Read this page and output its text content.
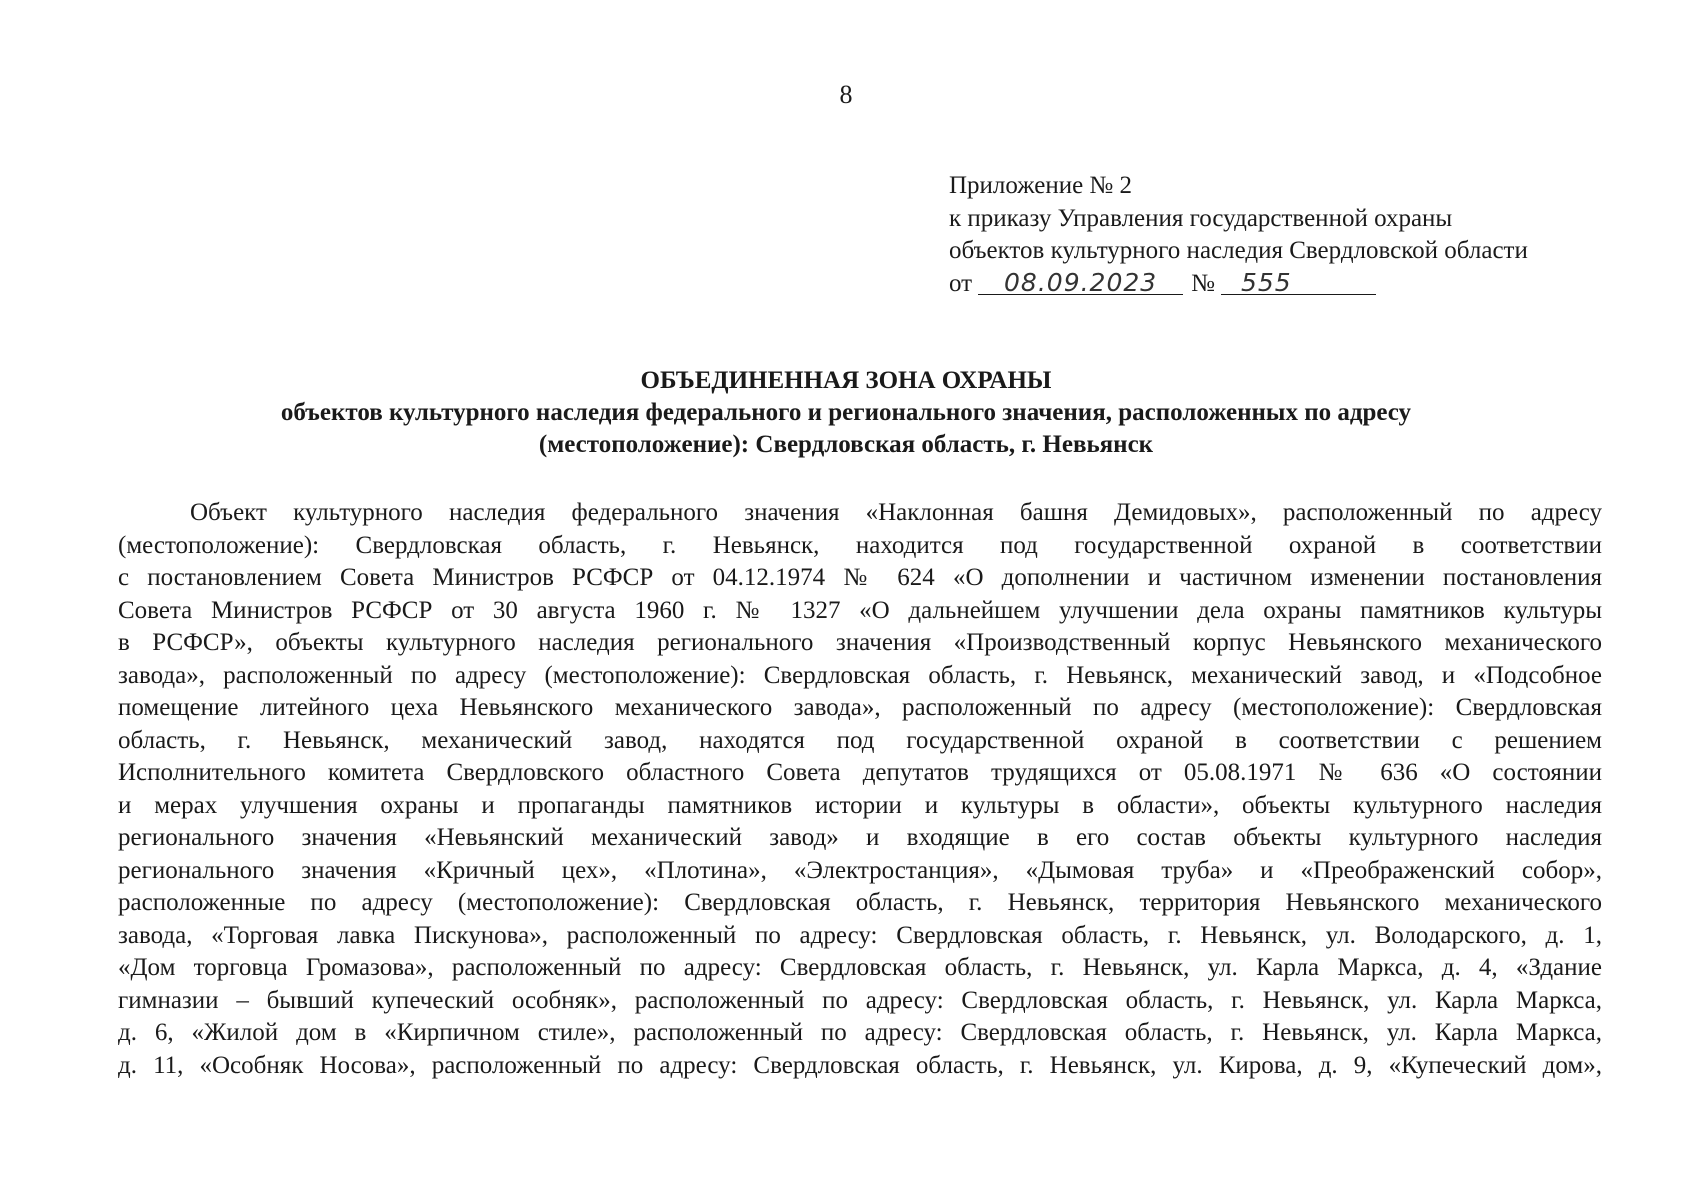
8
Приложение № 2
к приказу Управления государственной охраны
объектов культурного наследия Свердловской области
от 08.09.2023 № 555
ОБЪЕДИНЕННАЯ ЗОНА ОХРАНЫ
объектов культурного наследия федерального и регионального значения, расположенных по адресу
(местоположение): Свердловская область, г. Невьянск
Объект культурного наследия федерального значения «Наклонная башня Демидовых», расположенный по адресу
(местоположение): Свердловская область, г. Невьянск, находится под государственной охраной в соответствии
с постановлением Совета Министров РСФСР от 04.12.1974 № 624 «О дополнении и частичном изменении постановления
Совета Министров РСФСР от 30 августа 1960 г. № 1327 «О дальнейшем улучшении дела охраны памятников культуры
в РСФСР», объекты культурного наследия регионального значения «Производственный корпус Невьянского механического
завода», расположенный по адресу (местоположение): Свердловская область, г. Невьянск, механический завод, и «Подсобное
помещение литейного цеха Невьянского механического завода», расположенный по адресу (местоположение): Свердловская
область, г. Невьянск, механический завод, находятся под государственной охраной в соответствии с решением
Исполнительного комитета Свердловского областного Совета депутатов трудящихся от 05.08.1971 № 636 «О состоянии
и мерах улучшения охраны и пропаганды памятников истории и культуры в области», объекты культурного наследия
регионального значения «Невьянский механический завод» и входящие в его состав объекты культурного наследия
регионального значения «Кричный цех», «Плотина», «Электростанция», «Дымовая труба» и «Преображенский собор»,
расположенные по адресу (местоположение): Свердловская область, г. Невьянск, территория Невьянского механического
завода, «Торговая лавка Пискунова», расположенный по адресу: Свердловская область, г. Невьянск, ул. Володарского, д. 1,
«Дом торговца Громазова», расположенный по адресу: Свердловская область, г. Невьянск, ул. Карла Маркса, д. 4, «Здание
гимназии – бывший купеческий особняк», расположенный по адресу: Свердловская область, г. Невьянск, ул. Карла Маркса,
д. 6, «Жилой дом в «Кирпичном стиле», расположенный по адресу: Свердловская область, г. Невьянск, ул. Карла Маркса,
д. 11, «Особняк Носова», расположенный по адресу: Свердловская область, г. Невьянск, ул. Кирова, д. 9, «Купеческий дом»,
